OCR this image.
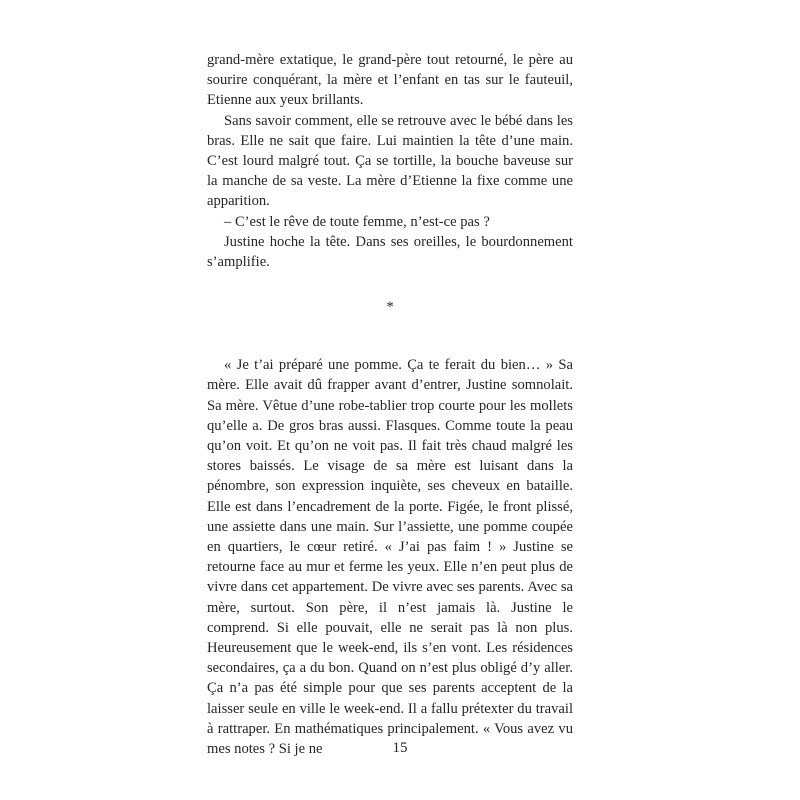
grand-mère extatique, le grand-père tout retourné, le père au sourire conquérant, la mère et l’enfant en tas sur le fauteuil, Etienne aux yeux brillants.

Sans savoir comment, elle se retrouve avec le bébé dans les bras. Elle ne sait que faire. Lui maintien la tête d’une main. C’est lourd malgré tout. Ça se tortille, la bouche baveuse sur la manche de sa veste. La mère d’Etienne la fixe comme une apparition.

– C’est le rêve de toute femme, n’est-ce pas ?

Justine hoche la tête. Dans ses oreilles, le bourdonnement s’amplifie.

*

« Je t’ai préparé une pomme. Ça te ferait du bien… » Sa mère. Elle avait dû frapper avant d’entrer, Justine somnolait. Sa mère. Vêtue d’une robe-tablier trop courte pour les mollets qu’elle a. De gros bras aussi. Flasques. Comme toute la peau qu’on voit. Et qu’on ne voit pas. Il fait très chaud malgré les stores baissés. Le visage de sa mère est luisant dans la pénombre, son expression inquiète, ses cheveux en bataille. Elle est dans l’encadrement de la porte. Figée, le front plissé, une assiette dans une main. Sur l’assiette, une pomme coupée en quartiers, le cœur retiré. « J’ai pas faim ! » Justine se retourne face au mur et ferme les yeux. Elle n’en peut plus de vivre dans cet appartement. De vivre avec ses parents. Avec sa mère, surtout. Son père, il n’est jamais là. Justine le comprend. Si elle pouvait, elle ne serait pas là non plus. Heureusement que le week-end, ils s’en vont. Les résidences secondaires, ça a du bon. Quand on n’est plus obligé d’y aller. Ça n’a pas été simple pour que ses parents acceptent de la laisser seule en ville le week-end. Il a fallu prétexter du travail à rattraper. En mathématiques principalement. « Vous avez vu mes notes ? Si je ne	15
